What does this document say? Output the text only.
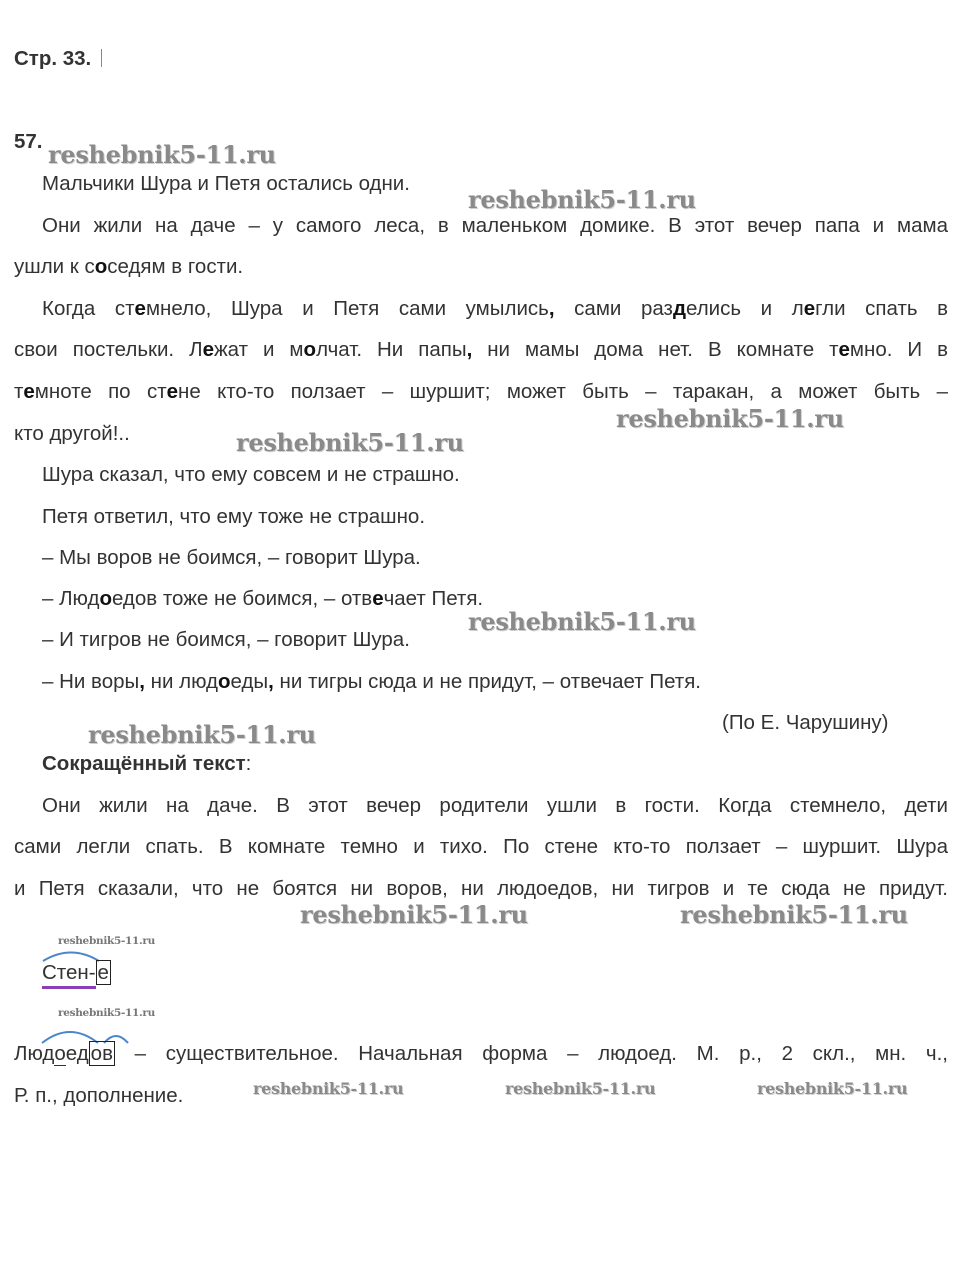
Стр. 33.
57.
Мальчики Шура и Петя остались одни.
Они жили на даче – у самого леса, в маленьком домике. В этот вечер папа и мама
ушли к соседям в гости.
Когда стемнело, Шура и Петя сами умылись, сами разделись и легли спать в
свои постельки. Лежат и молчат. Ни папы, ни мамы дома нет. В комнате темно. И в
темноте по стене кто-то ползает – шуршит; может быть – таракан, а может быть –
кто другой!..
Шура сказал, что ему совсем и не страшно.
Петя ответил, что ему тоже не страшно.
– Мы воров не боимся, – говорит Шура.
– Людоедов тоже не боимся, – отвечает Петя.
– И тигров не боимся, – говорит Шура.
– Ни воры, ни людоеды, ни тигры сюда и не придут, – отвечает Петя.
(По Е. Чарушину)
Сокращённый текст:
Они жили на даче. В этот вечер родители ушли в гости. Когда стемнело, дети
сами легли спать. В комнате темно и тихо. По стене кто-то ползает – шуршит. Шура
и Петя сказали, что не боятся ни воров, ни людоедов, ни тигров и те сюда не придут.
Стен-е
Людоедов – существительное. Начальная форма – людоед. М. р., 2 скл., мн. ч.,
Р. п., дополнение.
reshebnik5-11.ru
reshebnik5-11.ru
reshebnik5-11.ru
reshebnik5-11.ru
reshebnik5-11.ru
reshebnik5-11.ru
reshebnik5-11.ru	reshebnik5-11.ru
reshebnik5-11.ru
reshebnik5-11.ru
reshebnik5-11.ru	reshebnik5-11.ru	reshebnik5-11.ru
